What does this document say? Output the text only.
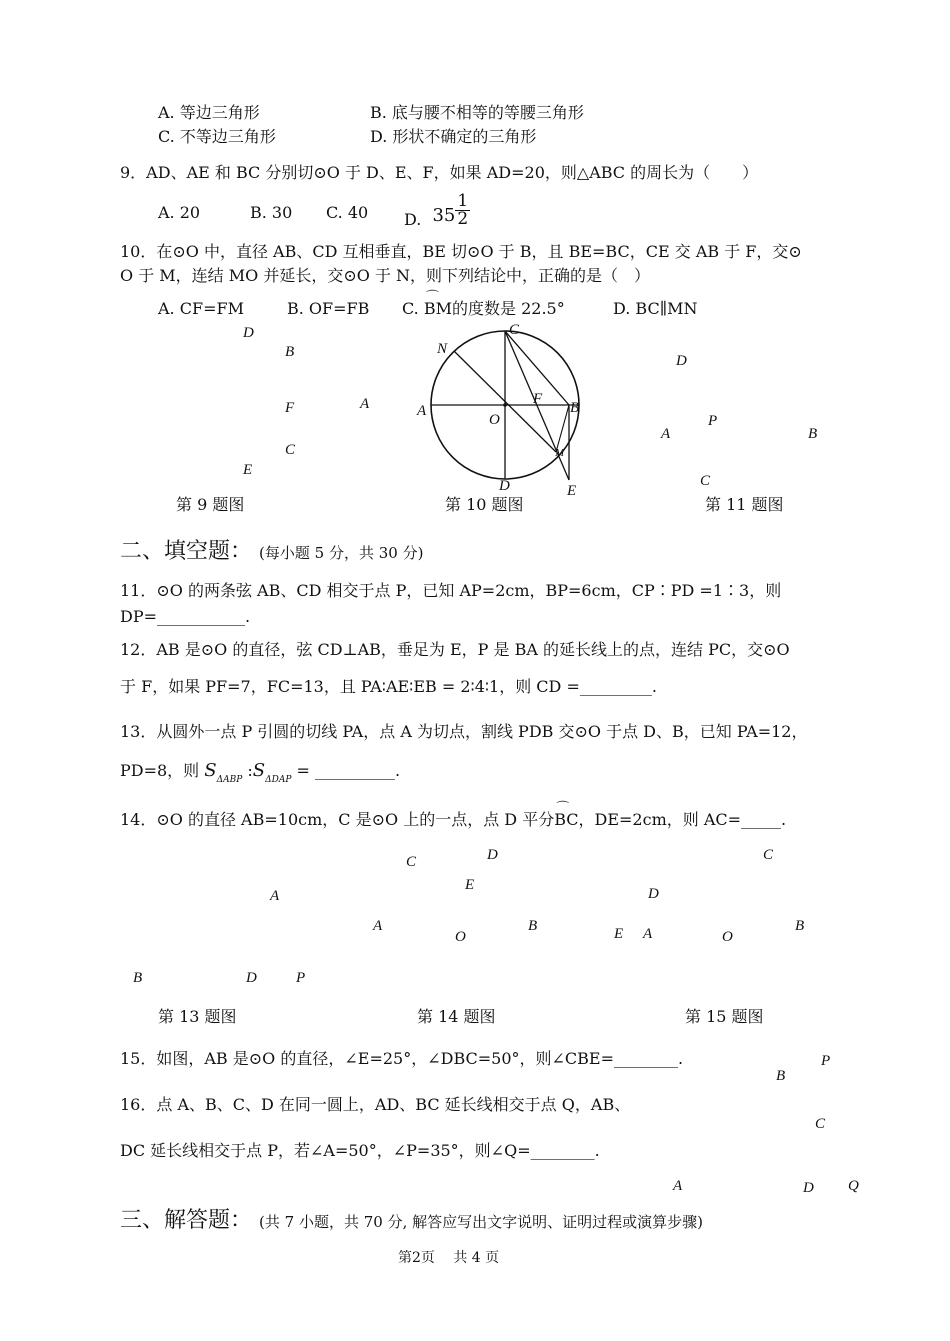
A. 等边三角形	B. 底与腰不相等的等腰三角形
C. 不等边三角形	D. 形状不确定的三角形
9．AD、AE 和 BC 分别切⊙O 于 D、E、F，如果 AD=20，则△ABC 的周长为（　　）
A. 20	B. 30 C. 40 D. $35 \frac{1}{2}$
10．在⊙O 中，直径 AB、CD 互相垂直，BE 切⊙O 于 B，且 BE=BC，CE 交 AB 于 F，交⊙
O 于 M，连结 MO 并延长，交⊙O 于 N，则下列结论中，正确的是（　）
A. CF=FM	B. OF=FB C. ⌒ BM的度数是 22.5°	D. BC∥MN
D
B
F	A
C
E
C
N
A
O
F
B
M
D	E
D
P
A	B
C
第 9 题图	第 10 题图	第 11 题图
二、填空题： (每小题 5 分，共 30 分)
11．⊙O 的两条弦 AB、CD 相交于点 P，已知 AP=2cm，BP=6cm，CP∶PD =1∶3，则
DP=___________.
12．AB 是⊙O 的直径，弦 CD⊥AB，垂足为 E，P 是 BA 的延长线上的点，连结 PC，交⊙O
于 F，如果 PF=7，FC=13，且 PA∶AE∶EB = 2∶4∶1，则 CD =_________.
13．从圆外一点 P 引圆的切线 PA，点 A 为切点，割线 PDB 交⊙O 于点 D、B，已知 PA=12，
PD=8，则 $S_{\Delta ABP}$ $:S_{\Delta DAP}$ = __________.
14．⊙O 的直径 AB=10cm，C 是⊙O 上的一点，点 D 平分⌒ BC，DE=2cm，则 AC=_____.
A
B	D	P
C	D
E
A
O
B
C
D
E A	O
B
第 13 题图	第 14 题图	第 15 题图
15．如图，AB 是⊙O 的直径，∠E=25°，∠DBC=50°，则∠CBE=________.
16．点 A、B、C、D 在同一圆上，AD、BC 延长线相交于点 Q，AB、
DC 延长线相交于点 P，若∠A=50°，∠P=35°，则∠Q=________.
B
P
C
A	D Q
三、解答题： (共 7 小题，共 70 分, 解答应写出文字说明、证明过程或演算步骤)
第2页　 共 4 页
